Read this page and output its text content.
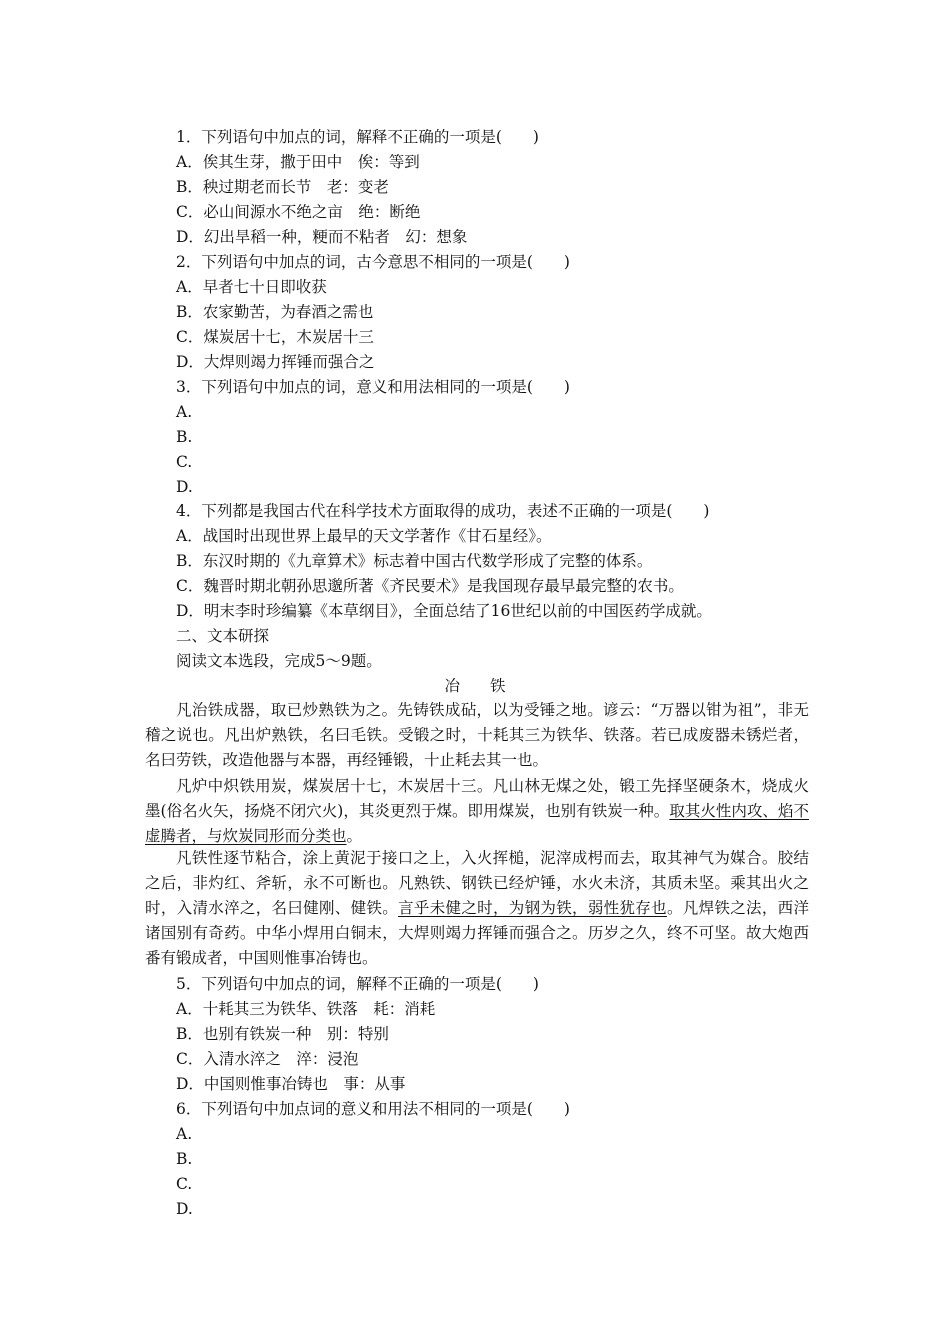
1．下列语句中加点的词，解释不正确的一项是(　　)
A．俟其生芽，撒于田中　俟：等到
B．秧过期老而长节　老：变老
C．必山间源水不绝之亩　绝：断绝
D．幻出旱稻一种，粳而不粘者　幻：想象
2．下列语句中加点的词，古今意思不相同的一项是(　　)
A．早者七十日即收获
B．农家勤苦，为春酒之需也
C．煤炭居十七，木炭居十三
D．大焊则竭力挥锤而强合之
3．下列语句中加点的词，意义和用法相同的一项是(　　)
A.
B.
C.
D.
4．下列都是我国古代在科学技术方面取得的成功，表述不正确的一项是(　　)
A．战国时出现世界上最早的天文学著作《甘石星经》。
B．东汉时期的《九章算术》标志着中国古代数学形成了完整的体系。
C．魏晋时期北朝孙思邈所著《齐民要术》是我国现存最早最完整的农书。
D．明末李时珍编纂《本草纲目》，全面总结了16世纪以前的中国医药学成就。
二、文本研探
阅读文本选段，完成5～9题。
冶 铁
凡治铁成器，取已炒熟铁为之。先铸铁成砧，以为受锤之地。谚云：“万器以钳为祖”，非无稽之说也。凡出炉熟铁，名曰毛铁。受锻之时，十耗其三为铁华、铁落。若已成废器未锈烂者，名曰劳铁，改造他器与本器，再经锤锻，十止耗去其一也。
凡炉中炽铁用炭，煤炭居十七，木炭居十三。凡山林无煤之处，锻工先择坚硬条木，烧成火墨(俗名火矢，扬烧不闭穴火)，其炎更烈于煤。即用煤炭，也别有铁炭一种。取其火性内攻、焰不虚腾者，与炊炭同形而分类也。
凡铁性逐节粘合，涂上黄泥于接口之上，入火挥槌，泥滓成枵而去，取其神气为媒合。胶结之后，非灼红、斧斩，永不可断也。凡熟铁、钢铁已经炉锤，水火未济，其质未坚。乘其出火之时，入清水淬之，名曰健刚、健铁。言乎未健之时，为钢为铁，弱性犹存也。凡焊铁之法，西洋诸国别有奇药。中华小焊用白铜末，大焊则竭力挥锤而强合之。历岁之久，终不可坚。故大炮西番有锻成者，中国则惟事冶铸也。
5．下列语句中加点的词，解释不正确的一项是(　　)
A．十耗其三为铁华、铁落　耗：消耗
B．也别有铁炭一种　别：特别
C．入清水淬之　淬：浸泡
D．中国则惟事冶铸也　事：从事
6．下列语句中加点词的意义和用法不相同的一项是(　　)
A.
B.
C.
D.
